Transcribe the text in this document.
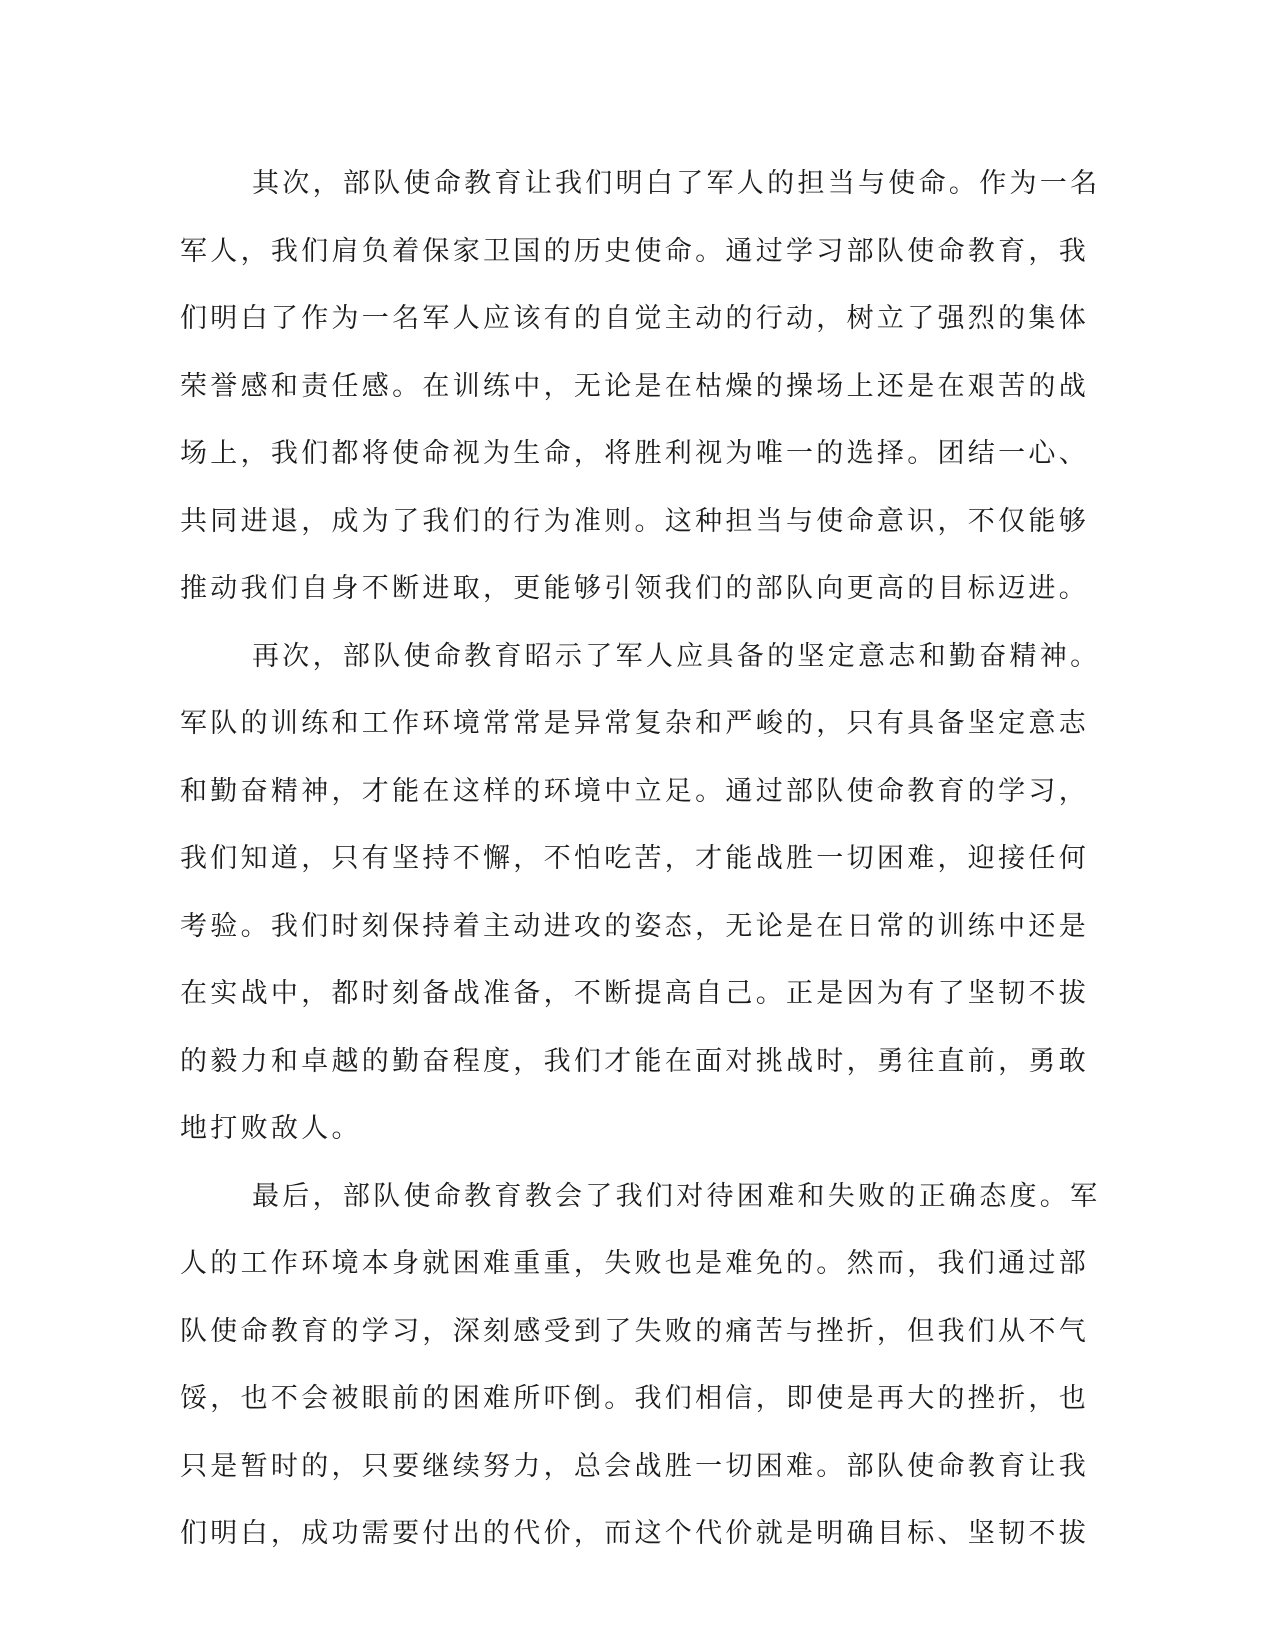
其次，部队使命教育让我们明白了军人的担当与使命。作为一名
军人，我们肩负着保家卫国的历史使命。通过学习部队使命教育，我
们明白了作为一名军人应该有的自觉主动的行动，树立了强烈的集体
荣誉感和责任感。在训练中，无论是在枯燥的操场上还是在艰苦的战
场上，我们都将使命视为生命，将胜利视为唯一的选择。团结一心、
共同进退，成为了我们的行为准则。这种担当与使命意识，不仅能够
推动我们自身不断进取，更能够引领我们的部队向更高的目标迈进。
再次，部队使命教育昭示了军人应具备的坚定意志和勤奋精神。
军队的训练和工作环境常常是异常复杂和严峻的，只有具备坚定意志
和勤奋精神，才能在这样的环境中立足。通过部队使命教育的学习，
我们知道，只有坚持不懈，不怕吃苦，才能战胜一切困难，迎接任何
考验。我们时刻保持着主动进攻的姿态，无论是在日常的训练中还是
在实战中，都时刻备战准备，不断提高自己。正是因为有了坚韧不拔
的毅力和卓越的勤奋程度，我们才能在面对挑战时，勇往直前，勇敢
地打败敌人。
最后，部队使命教育教会了我们对待困难和失败的正确态度。军
人的工作环境本身就困难重重，失败也是难免的。然而，我们通过部
队使命教育的学习，深刻感受到了失败的痛苦与挫折，但我们从不气
馁，也不会被眼前的困难所吓倒。我们相信，即使是再大的挫折，也
只是暂时的，只要继续努力，总会战胜一切困难。部队使命教育让我
们明白，成功需要付出的代价，而这个代价就是明确目标、坚韧不拔
